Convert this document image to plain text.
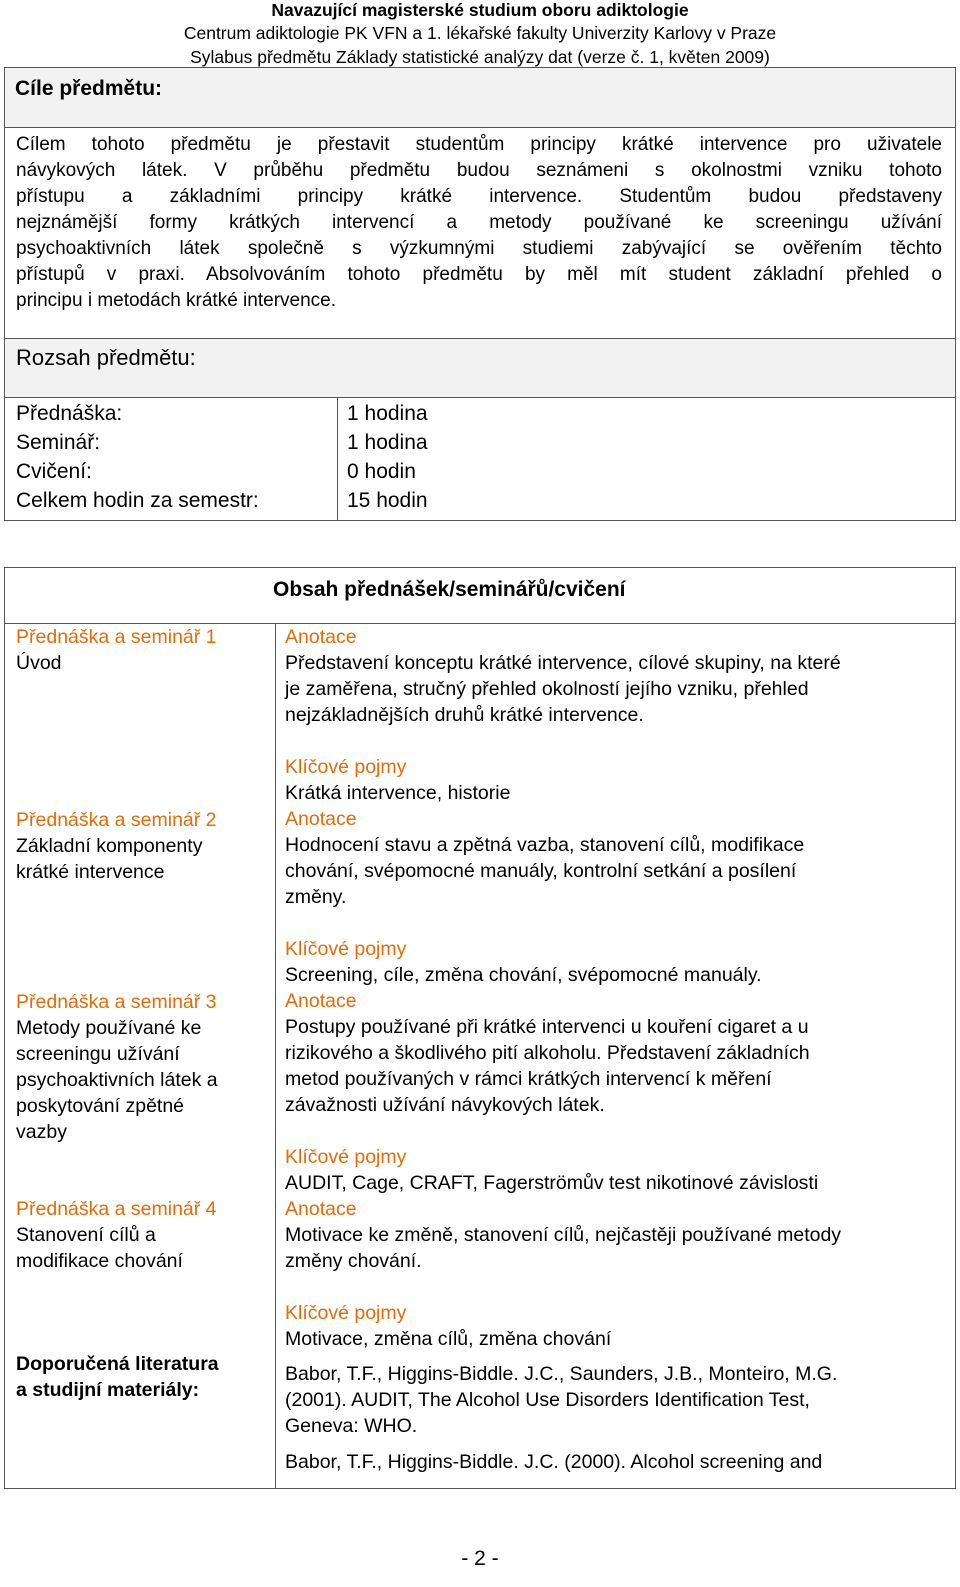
Navazující magisterské studium oboru adiktologie
Centrum adiktologie PK VFN a 1. lékařské fakulty Univerzity Karlovy v Praze
Sylabus předmětu Základy statistické analýzy dat (verze č. 1, květen 2009)
Cíle předmětu:
Cílem tohoto předmětu je přestavit studentům principy krátké intervence pro uživatele
návykových látek. V průběhu předmětu budou seznámeni s okolnostmi vzniku tohoto
přístupu a základními principy krátké intervence. Studentům budou představeny
nejznámější formy krátkých intervencí a metody používané ke screeningu užívání
psychoaktivních látek společně s výzkumnými studiemi zabývající se ověřením těchto
přístupů v praxi. Absolvováním tohoto předmětu by měl mít student základní přehled o
principu i metodách krátké intervence.
Rozsah předmětu:
Přednáška:
Seminář:
Cvičení:
Celkem hodin za semestr:
1 hodina
1 hodina
0 hodin
15 hodin
Obsah přednášek/seminářů/cvičení
Přednáška a seminář 1
Úvod
Přednáška a seminář 2
Základní komponenty
krátké intervence
Přednáška a seminář 3
Metody používané ke
screeningu užívání
psychoaktivních látek a
poskytování zpětné
vazby
Přednáška a seminář 4
Stanovení cílů a
modifikace chování
Doporučená literatura
a studijní materiály:
Anotace
Představení konceptu krátké intervence, cílové skupiny, na které
je zaměřena, stručný přehled okolností jejího vzniku, přehled
nejzákladnějších druhů krátké intervence.
Klíčové pojmy
Krátká intervence, historie
Anotace
Hodnocení stavu a zpětná vazba, stanovení cílů, modifikace
chování, svépomocné manuály, kontrolní setkání a posílení
změny.
Klíčové pojmy
Screening, cíle, změna chování, svépomocné manuály.
Anotace
Postupy používané při krátké intervenci u kouření cigaret a u
rizikového a škodlivého pití alkoholu. Představení základních
metod používaných v rámci krátkých intervencí k měření
závažnosti užívání návykových látek.
Klíčové pojmy
AUDIT, Cage, CRAFT, Fagerströmův test nikotinové závislosti
Anotace
Motivace ke změně, stanovení cílů, nejčastěji používané metody
změny chování.
Klíčové pojmy
Motivace, změna cílů, změna chování
Babor, T.F., Higgins-Biddle. J.C., Saunders, J.B., Monteiro, M.G.
(2001). AUDIT, The Alcohol Use Disorders Identification Test,
Geneva: WHO.
Babor, T.F., Higgins-Biddle. J.C. (2000). Alcohol screening and
- 2 -
